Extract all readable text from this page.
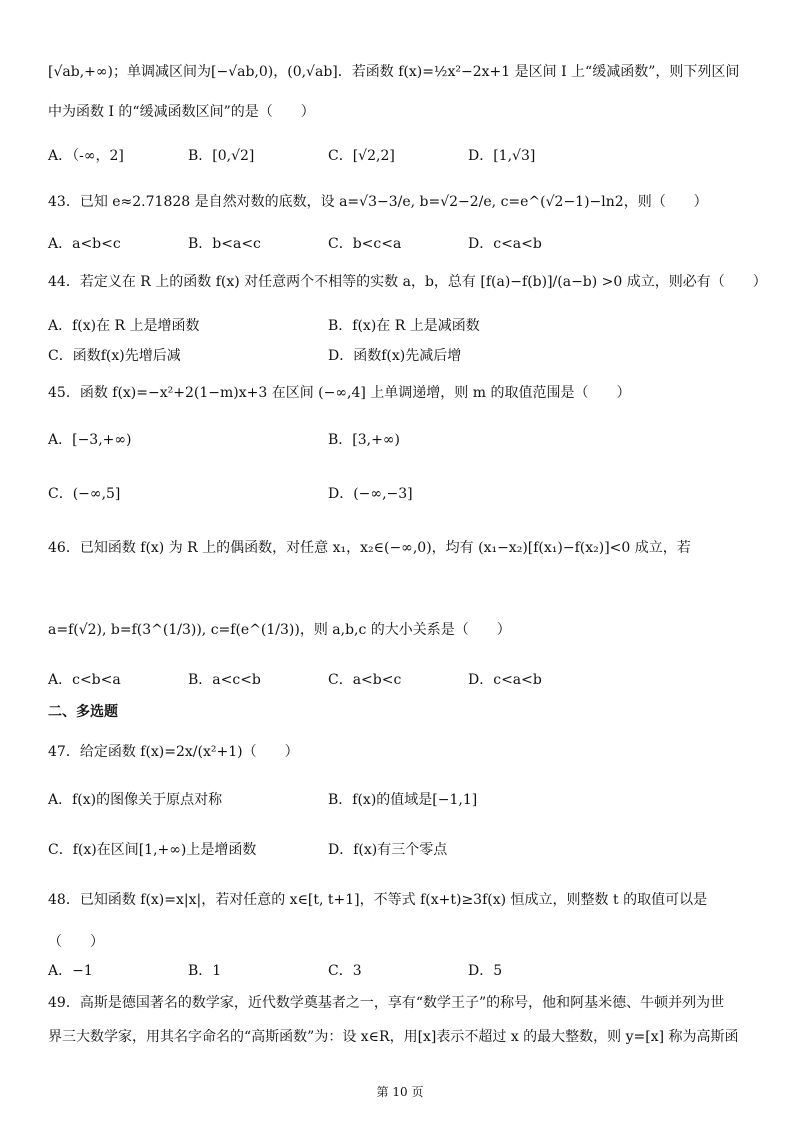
[√ab,+∞)；单调减区间为[−√ab,0)，(0,√ab]．若函数 f(x)=½x²−2x+1 是区间 I 上“缓减函数”，则下列区间
中为函数 I 的“缓减函数区间”的是（　　）
A．（-∞，2]	B．[0,√2]	C．[√2,2]	D．[1,√3]
43．已知 e≈2.71828 是自然对数的底数，设 a=√3−3/e, b=√2−2/e, c=e^(√2−1)−ln2，则（　　）
A．a<b<c	B．b<a<c	C．b<c<a	D．c<a<b
44．若定义在 R 上的函数 f(x) 对任意两个不相等的实数 a，b，总有 [f(a)−f(b)]/(a−b) >0 成立，则必有（　　）
A．f(x)在 R 上是增函数	B．f(x)在 R 上是减函数
C．函数f(x)先增后减	D．函数f(x)先减后增
45．函数 f(x)=−x²+2(1−m)x+3 在区间 (−∞,4] 上单调递增，则 m 的取值范围是（　　）
A．[−3,+∞)	B．[3,+∞)
C．(−∞,5]	D．(−∞,−3]
46．已知函数 f(x) 为 R 上的偶函数，对任意 x₁，x₂∈(−∞,0)，均有 (x₁−x₂)[f(x₁)−f(x₂)]<0 成立，若
a=f(√2), b=f(3^(1/3)), c=f(e^(1/3))，则 a,b,c 的大小关系是（　　）
A．c<b<a	B．a<c<b	C．a<b<c	D．c<a<b
二、多选题
47．给定函数 f(x)=2x/(x²+1)（　　）
A．f(x)的图像关于原点对称	B．f(x)的值域是[−1,1]
C．f(x)在区间[1,+∞)上是增函数	D．f(x)有三个零点
48．已知函数 f(x)=x|x|，若对任意的 x∈[t, t+1]，不等式 f(x+t)≥3f(x) 恒成立，则整数 t 的取值可以是
（　　）
A．−1	B．1	C．3	D．5
49．高斯是德国著名的数学家，近代数学奠基者之一，享有“数学王子”的称号，他和阿基米德、牛顿并列为世
界三大数学家，用其名字命名的“高斯函数”为：设 x∈R，用[x]表示不超过 x 的最大整数，则 y=[x] 称为高斯函
第 10 页
